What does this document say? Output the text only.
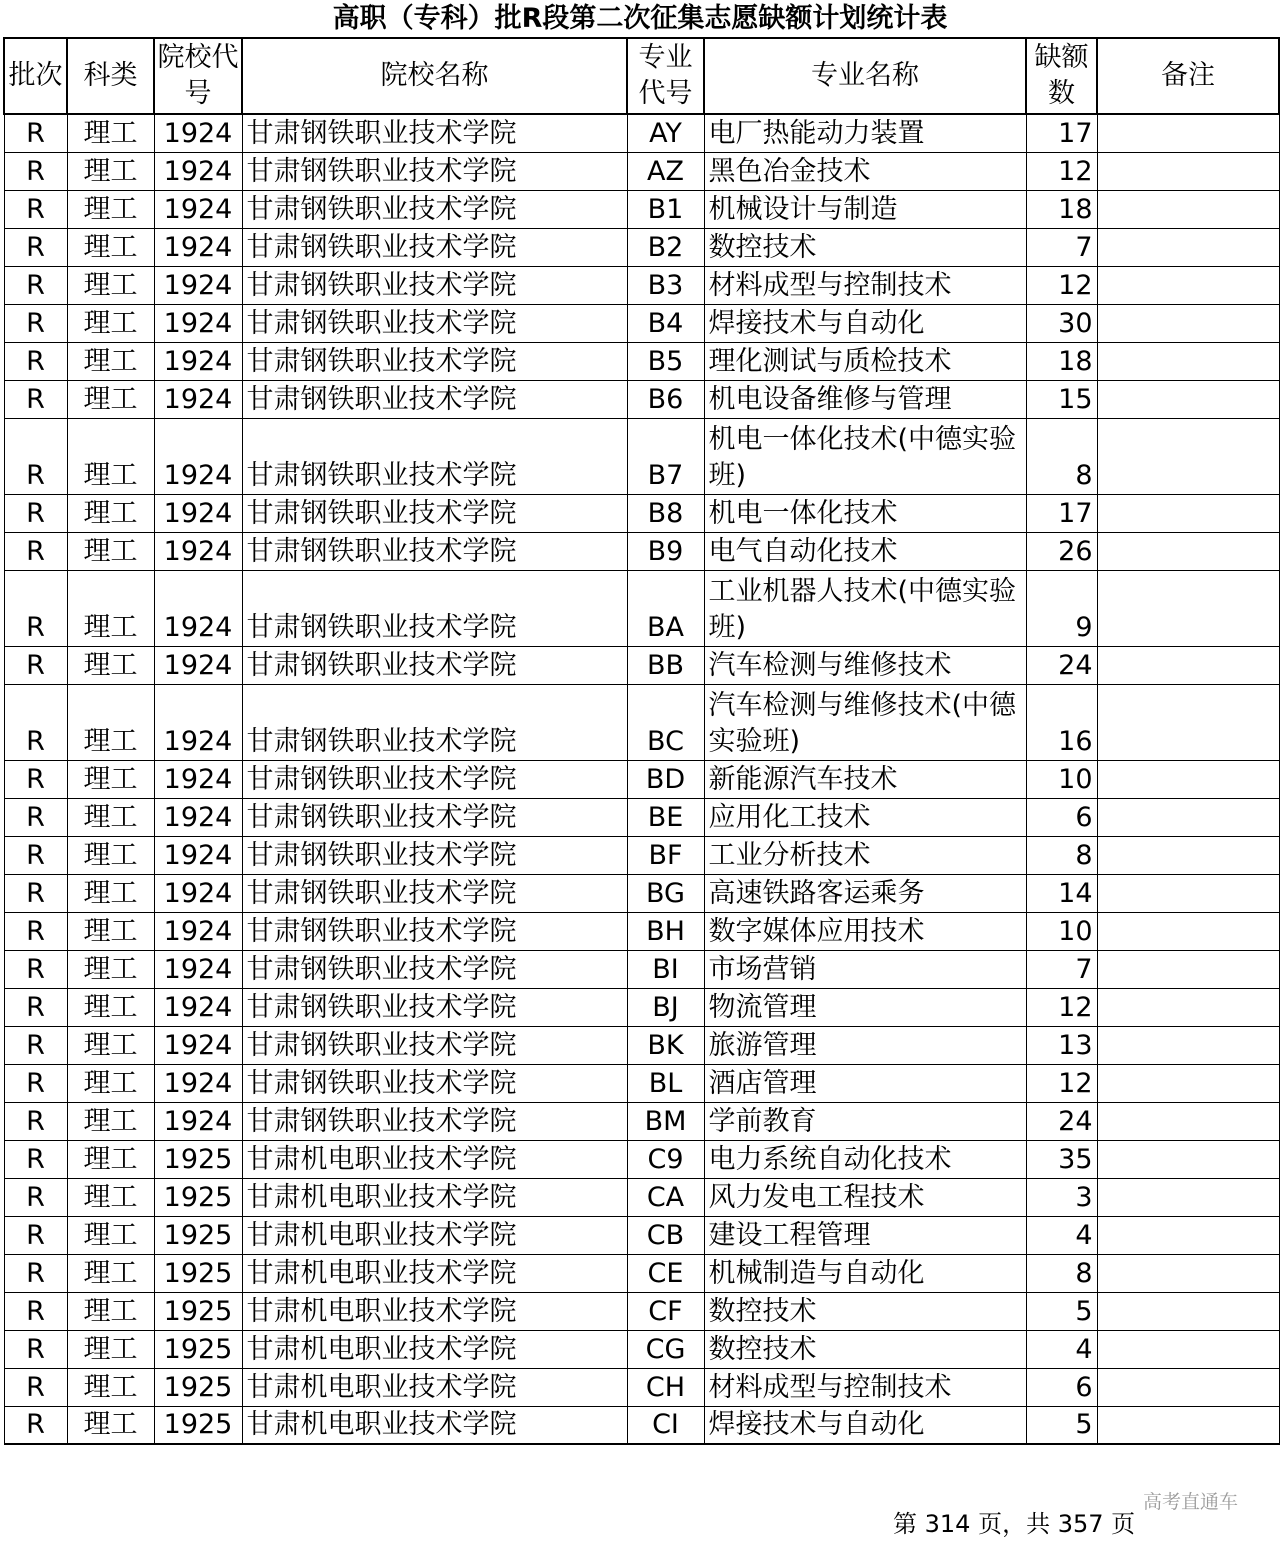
高职（专科）批R段第二次征集志愿缺额计划统计表
批次	科类	院校代号	院校名称	专业代号	专业名称	缺额数	备注
R	理工	1924	甘肃钢铁职业技术学院	AY	电厂热能动力装置	17	
R	理工	1924	甘肃钢铁职业技术学院	AZ	黑色冶金技术	12	
R	理工	1924	甘肃钢铁职业技术学院	B1	机械设计与制造	18	
R	理工	1924	甘肃钢铁职业技术学院	B2	数控技术	7	
R	理工	1924	甘肃钢铁职业技术学院	B3	材料成型与控制技术	12	
R	理工	1924	甘肃钢铁职业技术学院	B4	焊接技术与自动化	30	
R	理工	1924	甘肃钢铁职业技术学院	B5	理化测试与质检技术	18	
R	理工	1924	甘肃钢铁职业技术学院	B6	机电设备维修与管理	15	
R	理工	1924	甘肃钢铁职业技术学院	B7	机电一体化技术(中德实验班)	8	
R	理工	1924	甘肃钢铁职业技术学院	B8	机电一体化技术	17	
R	理工	1924	甘肃钢铁职业技术学院	B9	电气自动化技术	26	
R	理工	1924	甘肃钢铁职业技术学院	BA	工业机器人技术(中德实验班)	9	
R	理工	1924	甘肃钢铁职业技术学院	BB	汽车检测与维修技术	24	
R	理工	1924	甘肃钢铁职业技术学院	BC	汽车检测与维修技术(中德实验班)	16	
R	理工	1924	甘肃钢铁职业技术学院	BD	新能源汽车技术	10	
R	理工	1924	甘肃钢铁职业技术学院	BE	应用化工技术	6	
R	理工	1924	甘肃钢铁职业技术学院	BF	工业分析技术	8	
R	理工	1924	甘肃钢铁职业技术学院	BG	高速铁路客运乘务	14	
R	理工	1924	甘肃钢铁职业技术学院	BH	数字媒体应用技术	10	
R	理工	1924	甘肃钢铁职业技术学院	BI	市场营销	7	
R	理工	1924	甘肃钢铁职业技术学院	BJ	物流管理	12	
R	理工	1924	甘肃钢铁职业技术学院	BK	旅游管理	13	
R	理工	1924	甘肃钢铁职业技术学院	BL	酒店管理	12	
R	理工	1924	甘肃钢铁职业技术学院	BM	学前教育	24	
R	理工	1925	甘肃机电职业技术学院	C9	电力系统自动化技术	35	
R	理工	1925	甘肃机电职业技术学院	CA	风力发电工程技术	3	
R	理工	1925	甘肃机电职业技术学院	CB	建设工程管理	4	
R	理工	1925	甘肃机电职业技术学院	CE	机械制造与自动化	8	
R	理工	1925	甘肃机电职业技术学院	CF	数控技术	5	
R	理工	1925	甘肃机电职业技术学院	CG	数控技术	4	
R	理工	1925	甘肃机电职业技术学院	CH	材料成型与控制技术	6	
R	理工	1925	甘肃机电职业技术学院	CI	焊接技术与自动化	5	
第 314 页，共 357 页
高考直通车
